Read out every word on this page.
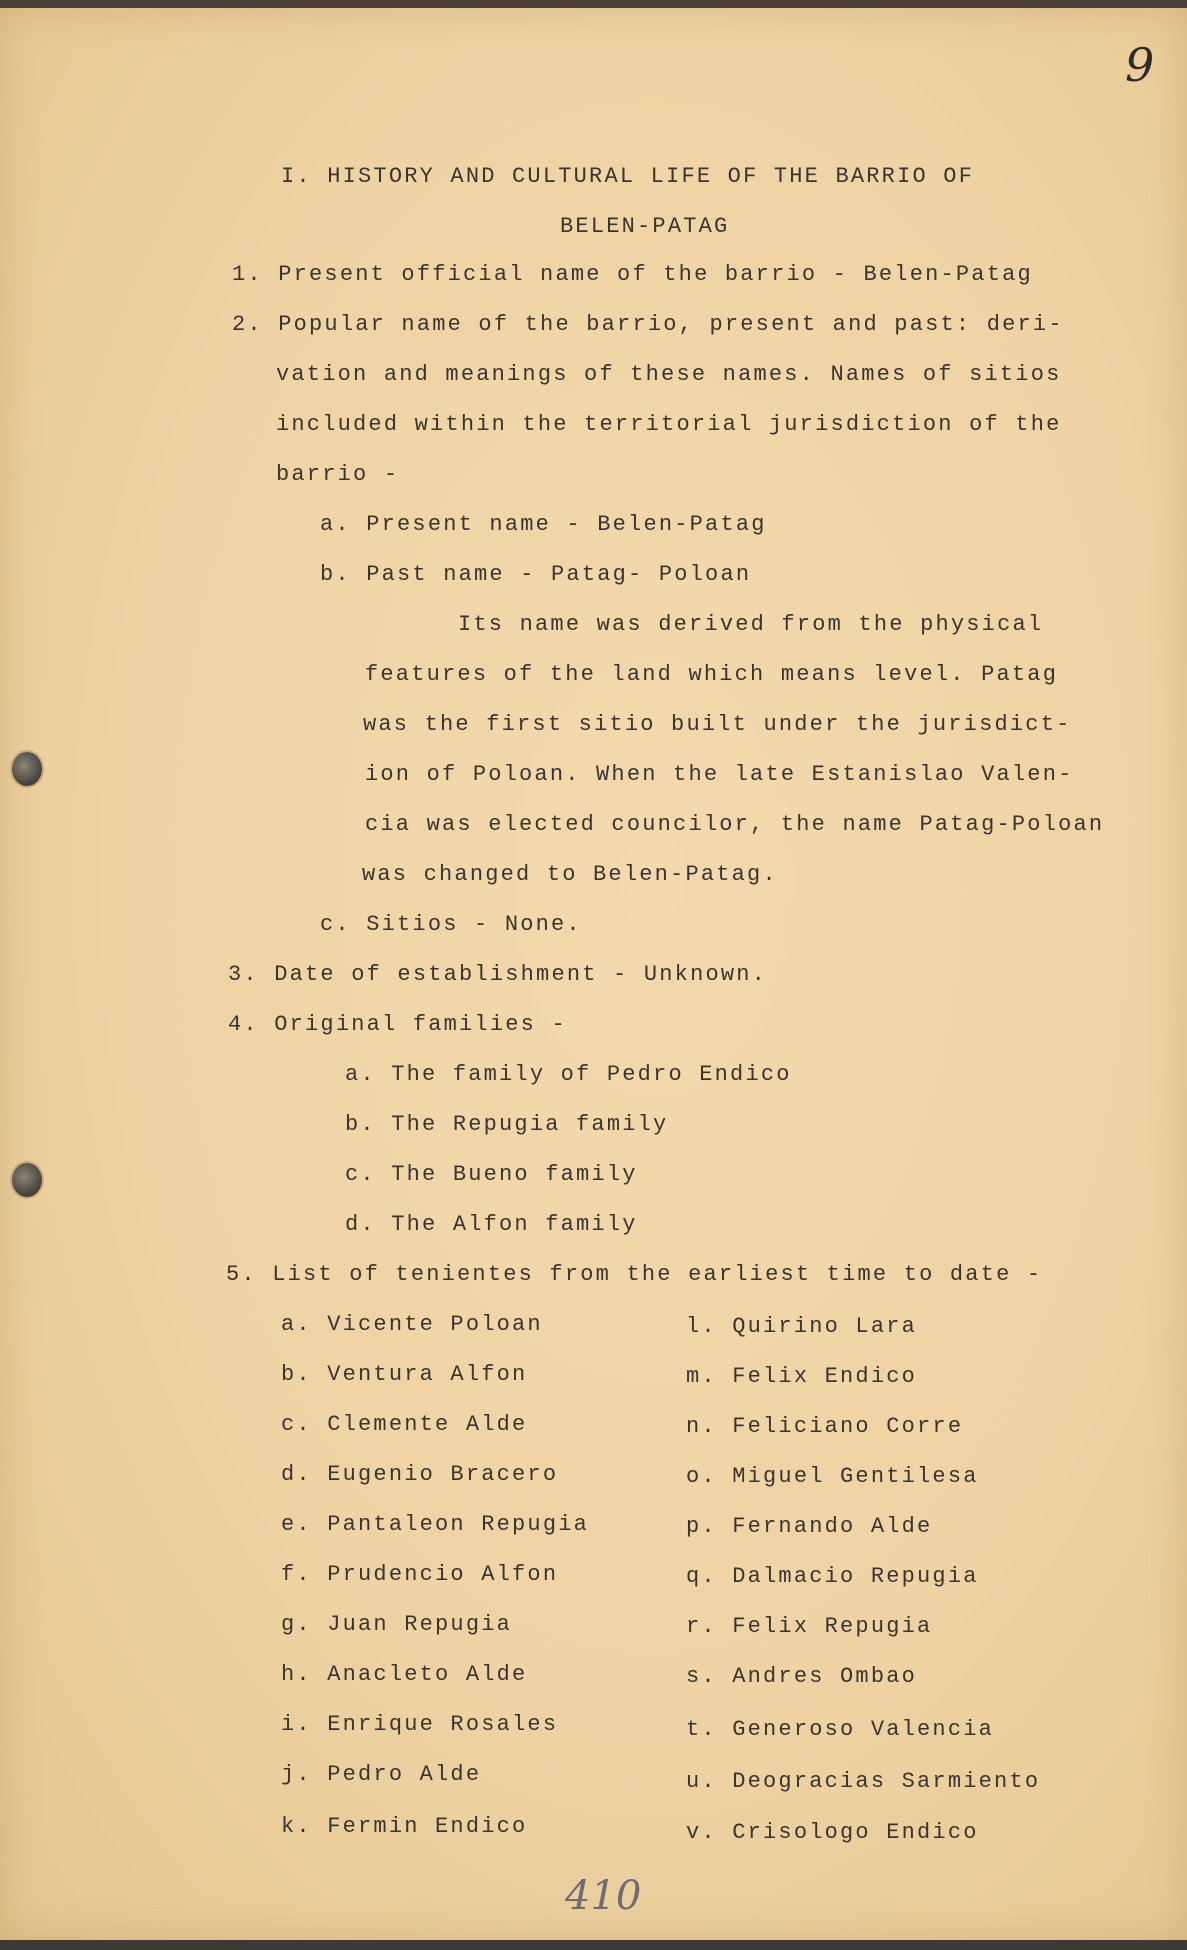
9
I. HISTORY AND CULTURAL LIFE OF THE BARRIO OF
BELEN-PATAG
1. Present official name of the barrio - Belen-Patag
2. Popular name of the barrio, present and past: deri-
vation and meanings of these names. Names of sitios
included within the territorial jurisdiction of the
barrio -
a. Present name - Belen-Patag
b. Past name - Patag- Poloan
Its name was derived from the physical
features of the land which means level. Patag
was the first sitio built under the jurisdict-
ion of Poloan. When the late Estanislao Valen-
cia was elected councilor, the name Patag-Poloan
was changed to Belen-Patag.
c. Sitios - None.
3. Date of establishment - Unknown.
4. Original families -
a. The family of Pedro Endico
b. The Repugia family
c. The Bueno family
d. The Alfon family
5. List of tenientes from the earliest time to date -
a. Vicente Poloan
b. Ventura Alfon
c. Clemente Alde
d. Eugenio Bracero
e. Pantaleon Repugia
f. Prudencio Alfon
g. Juan Repugia
h. Anacleto Alde
i. Enrique Rosales
j. Pedro Alde
k. Fermin Endico
l. Quirino Lara
m. Felix Endico
n. Feliciano Corre
o. Miguel Gentilesa
p. Fernando Alde
q. Dalmacio Repugia
r. Felix Repugia
s. Andres Ombao
t. Generoso Valencia
u. Deogracias Sarmiento
v. Crisologo Endico
410
